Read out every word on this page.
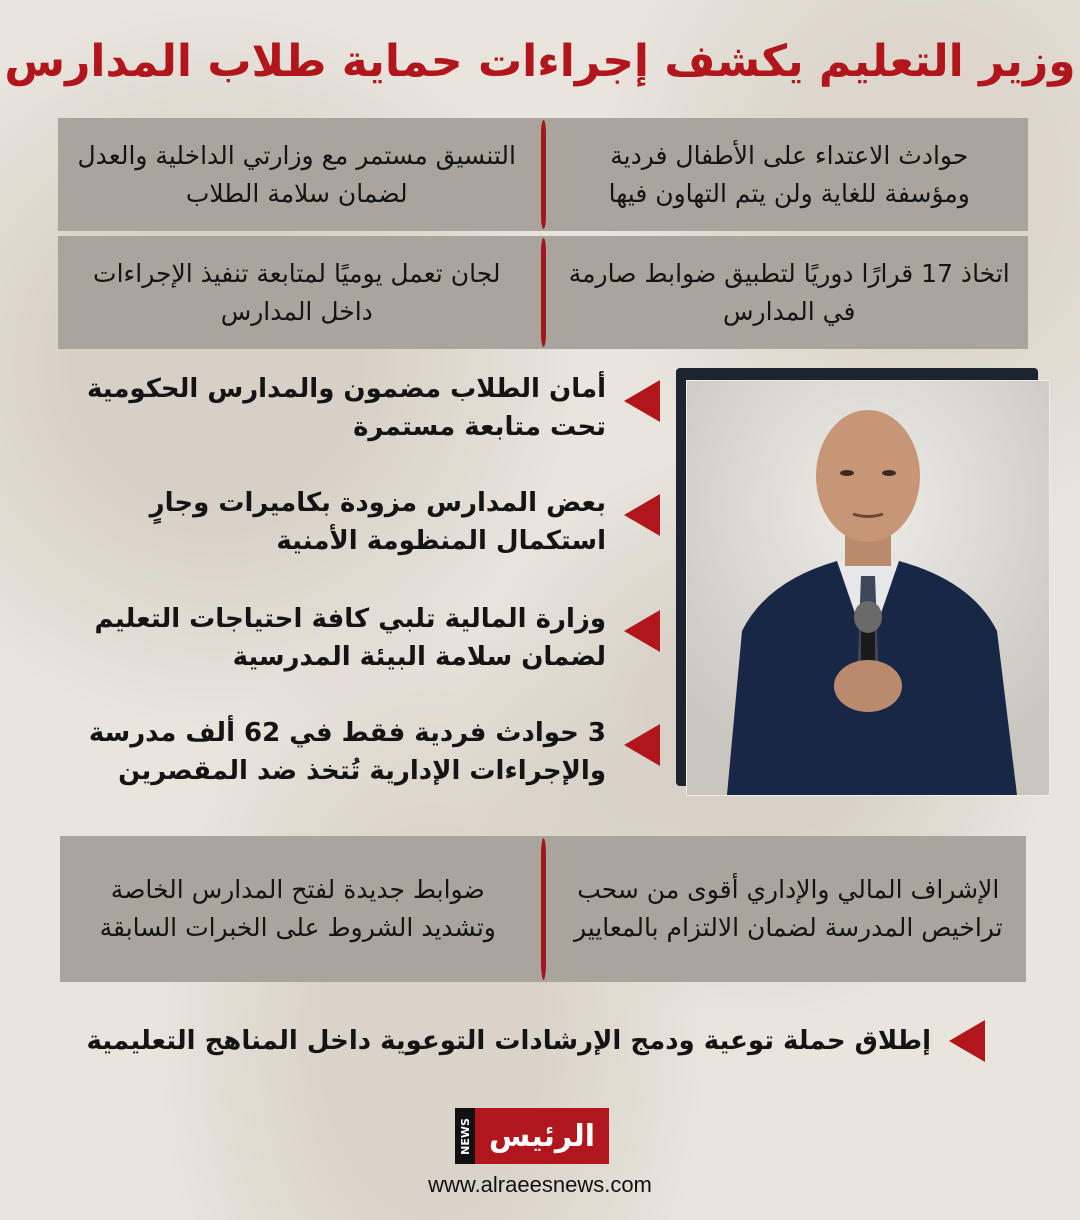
وزير التعليم يكشف إجراءات حماية طلاب المدارس
حوادث الاعتداء على الأطفال فردية ومؤسفة للغاية ولن يتم التهاون فيها
التنسيق مستمر مع وزارتي الداخلية والعدل لضمان سلامة الطلاب
اتخاذ 17 قرارًا دوريًا لتطبيق ضوابط صارمة في المدارس
لجان تعمل يوميًا لمتابعة تنفيذ الإجراءات داخل المدارس
أمان الطلاب مضمون والمدارس الحكومية تحت متابعة مستمرة
بعض المدارس مزودة بكاميرات وجارٍ استكمال المنظومة الأمنية
وزارة المالية تلبي كافة احتياجات التعليم لضمان سلامة البيئة المدرسية
3 حوادث فردية فقط في 62 ألف مدرسة والإجراءات الإدارية تُتخذ ضد المقصرين
الإشراف المالي والإداري أقوى من سحب تراخيص المدرسة لضمان الالتزام بالمعايير
ضوابط جديدة لفتح المدارس الخاصة وتشديد الشروط على الخبرات السابقة
إطلاق حملة توعية ودمج الإرشادات التوعوية داخل المناهج التعليمية
NEWS الرئيس
www.alraeesnews.com
